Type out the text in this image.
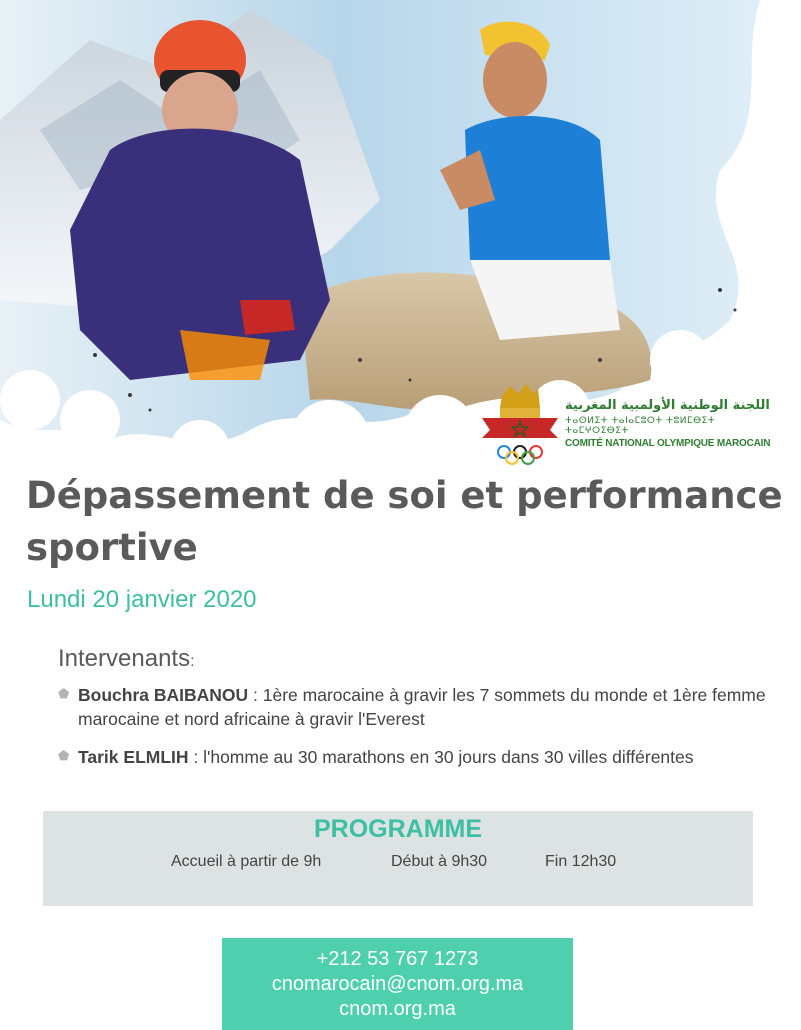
اللجنة الوطنية الأولمبية المغربية
ⵜⴰⵙⵍⵉⵜ ⵜⴰⵏⴰⵎⵓⵔⵜ ⵜⵓⵍⵎⴱⵉⵜ ⵜⴰⵎⵖⵔⵉⴱⵉⵜ
COMITÉ NATIONAL OLYMPIQUE MAROCAIN
Dépassement de soi et performance sportive
Lundi 20 janvier 2020
Intervenants:
⬟ Bouchra BAIBANOU : 1ère marocaine à gravir les 7 sommets du monde et 1ère femme marocaine et nord africaine à gravir l'Everest
⬟ Tarik ELMLIH : l'homme au 30 marathons en 30 jours dans 30 villes différentes
PROGRAMME
Accueil à partir de 9h	Début à 9h30	Fin 12h30
+212 53 767 1273
cnomarocain@cnom.org.ma
cnom.org.ma
